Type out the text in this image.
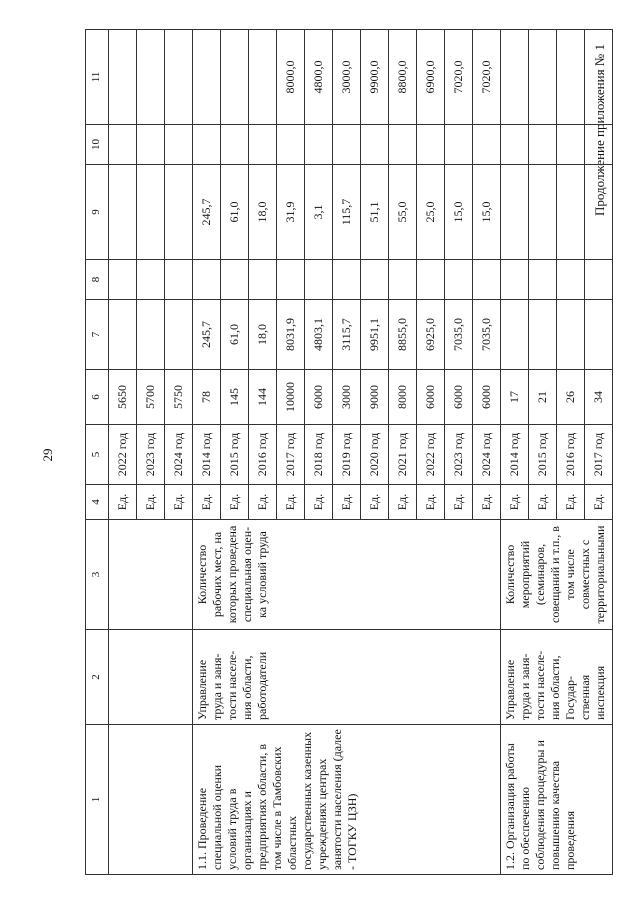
29
Продолжение приложения № 1
1	2	3	4	5	6	7	8	9	10	11
			Ед.	2022 год	5650					
			Ед.	2023 год	5700					
			Ед.	2024 год	5750					
1.1. Проведение специальной оценки условий труда в организациях и предприятиях области, в том числе в Тамбовских областных государственных казенных учреждениях центрах занятости населения (далее - ТОГКУ ЦЗН)	Управление труда и заня-тости населе-ния области, работодатели	Количество рабочих мест, на которых проведена специальная оцен-ка условий труда	Ед.	2014 год	78	245,7		245,7		
			Ед.	2015 год	145	61,0		61,0		
			Ед.	2016 год	144	18,0		18,0		
			Ед.	2017 год	10000	8031,9		31,9		8000,0
			Ед.	2018 год	6000	4803,1		3,1		4800,0
			Ед.	2019 год	3000	3115,7		115,7		3000,0
			Ед.	2020 год	9000	9951,1		51,1		9900,0
			Ед.	2021 год	8000	8855,0		55,0		8800,0
			Ед.	2022 год	6000	6925,0		25,0		6900,0
			Ед.	2023 год	6000	7035,0		15,0		7020,0
			Ед.	2024 год	6000	7035,0		15,0		7020,0
1.2. Организация работы по обеспечению соблюдения процедуры и повышению качества проведения	Управление труда и заня-тости населе-ния области, Государ-ственная инспекция	Количество мероприятий (семинаров, совещаний и т.п., в том числе совместных с территориальными	Ед.	2014 год	17					
			Ед.	2015 год	21					
			Ед.	2016 год	26					
			Ед.	2017 год	34					
